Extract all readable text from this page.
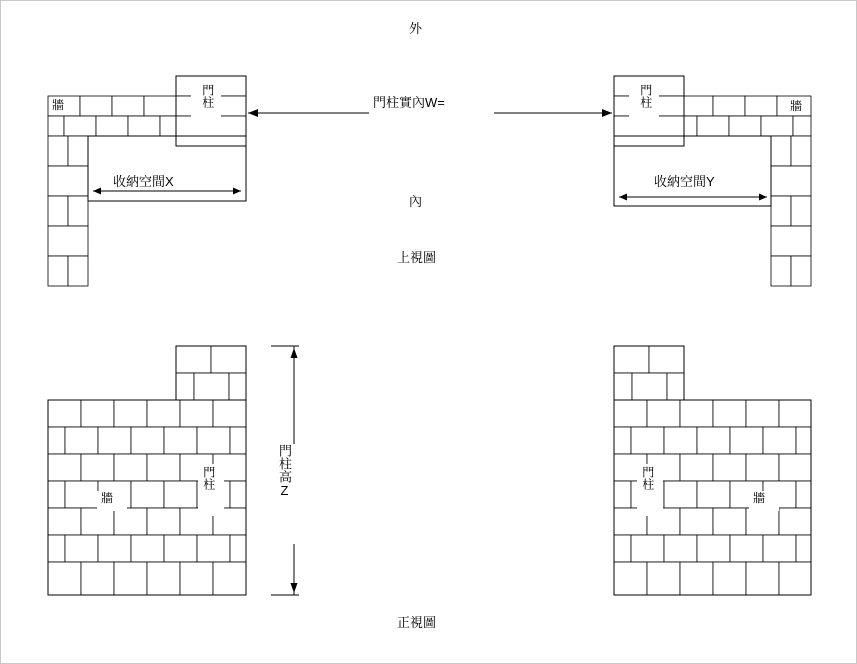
外
內
牆	牆
門柱	門柱
門柱實內W=
收納空間X	收納空間Y
上視圖
門柱高Z
牆
門柱	門柱
牆
正視圖
